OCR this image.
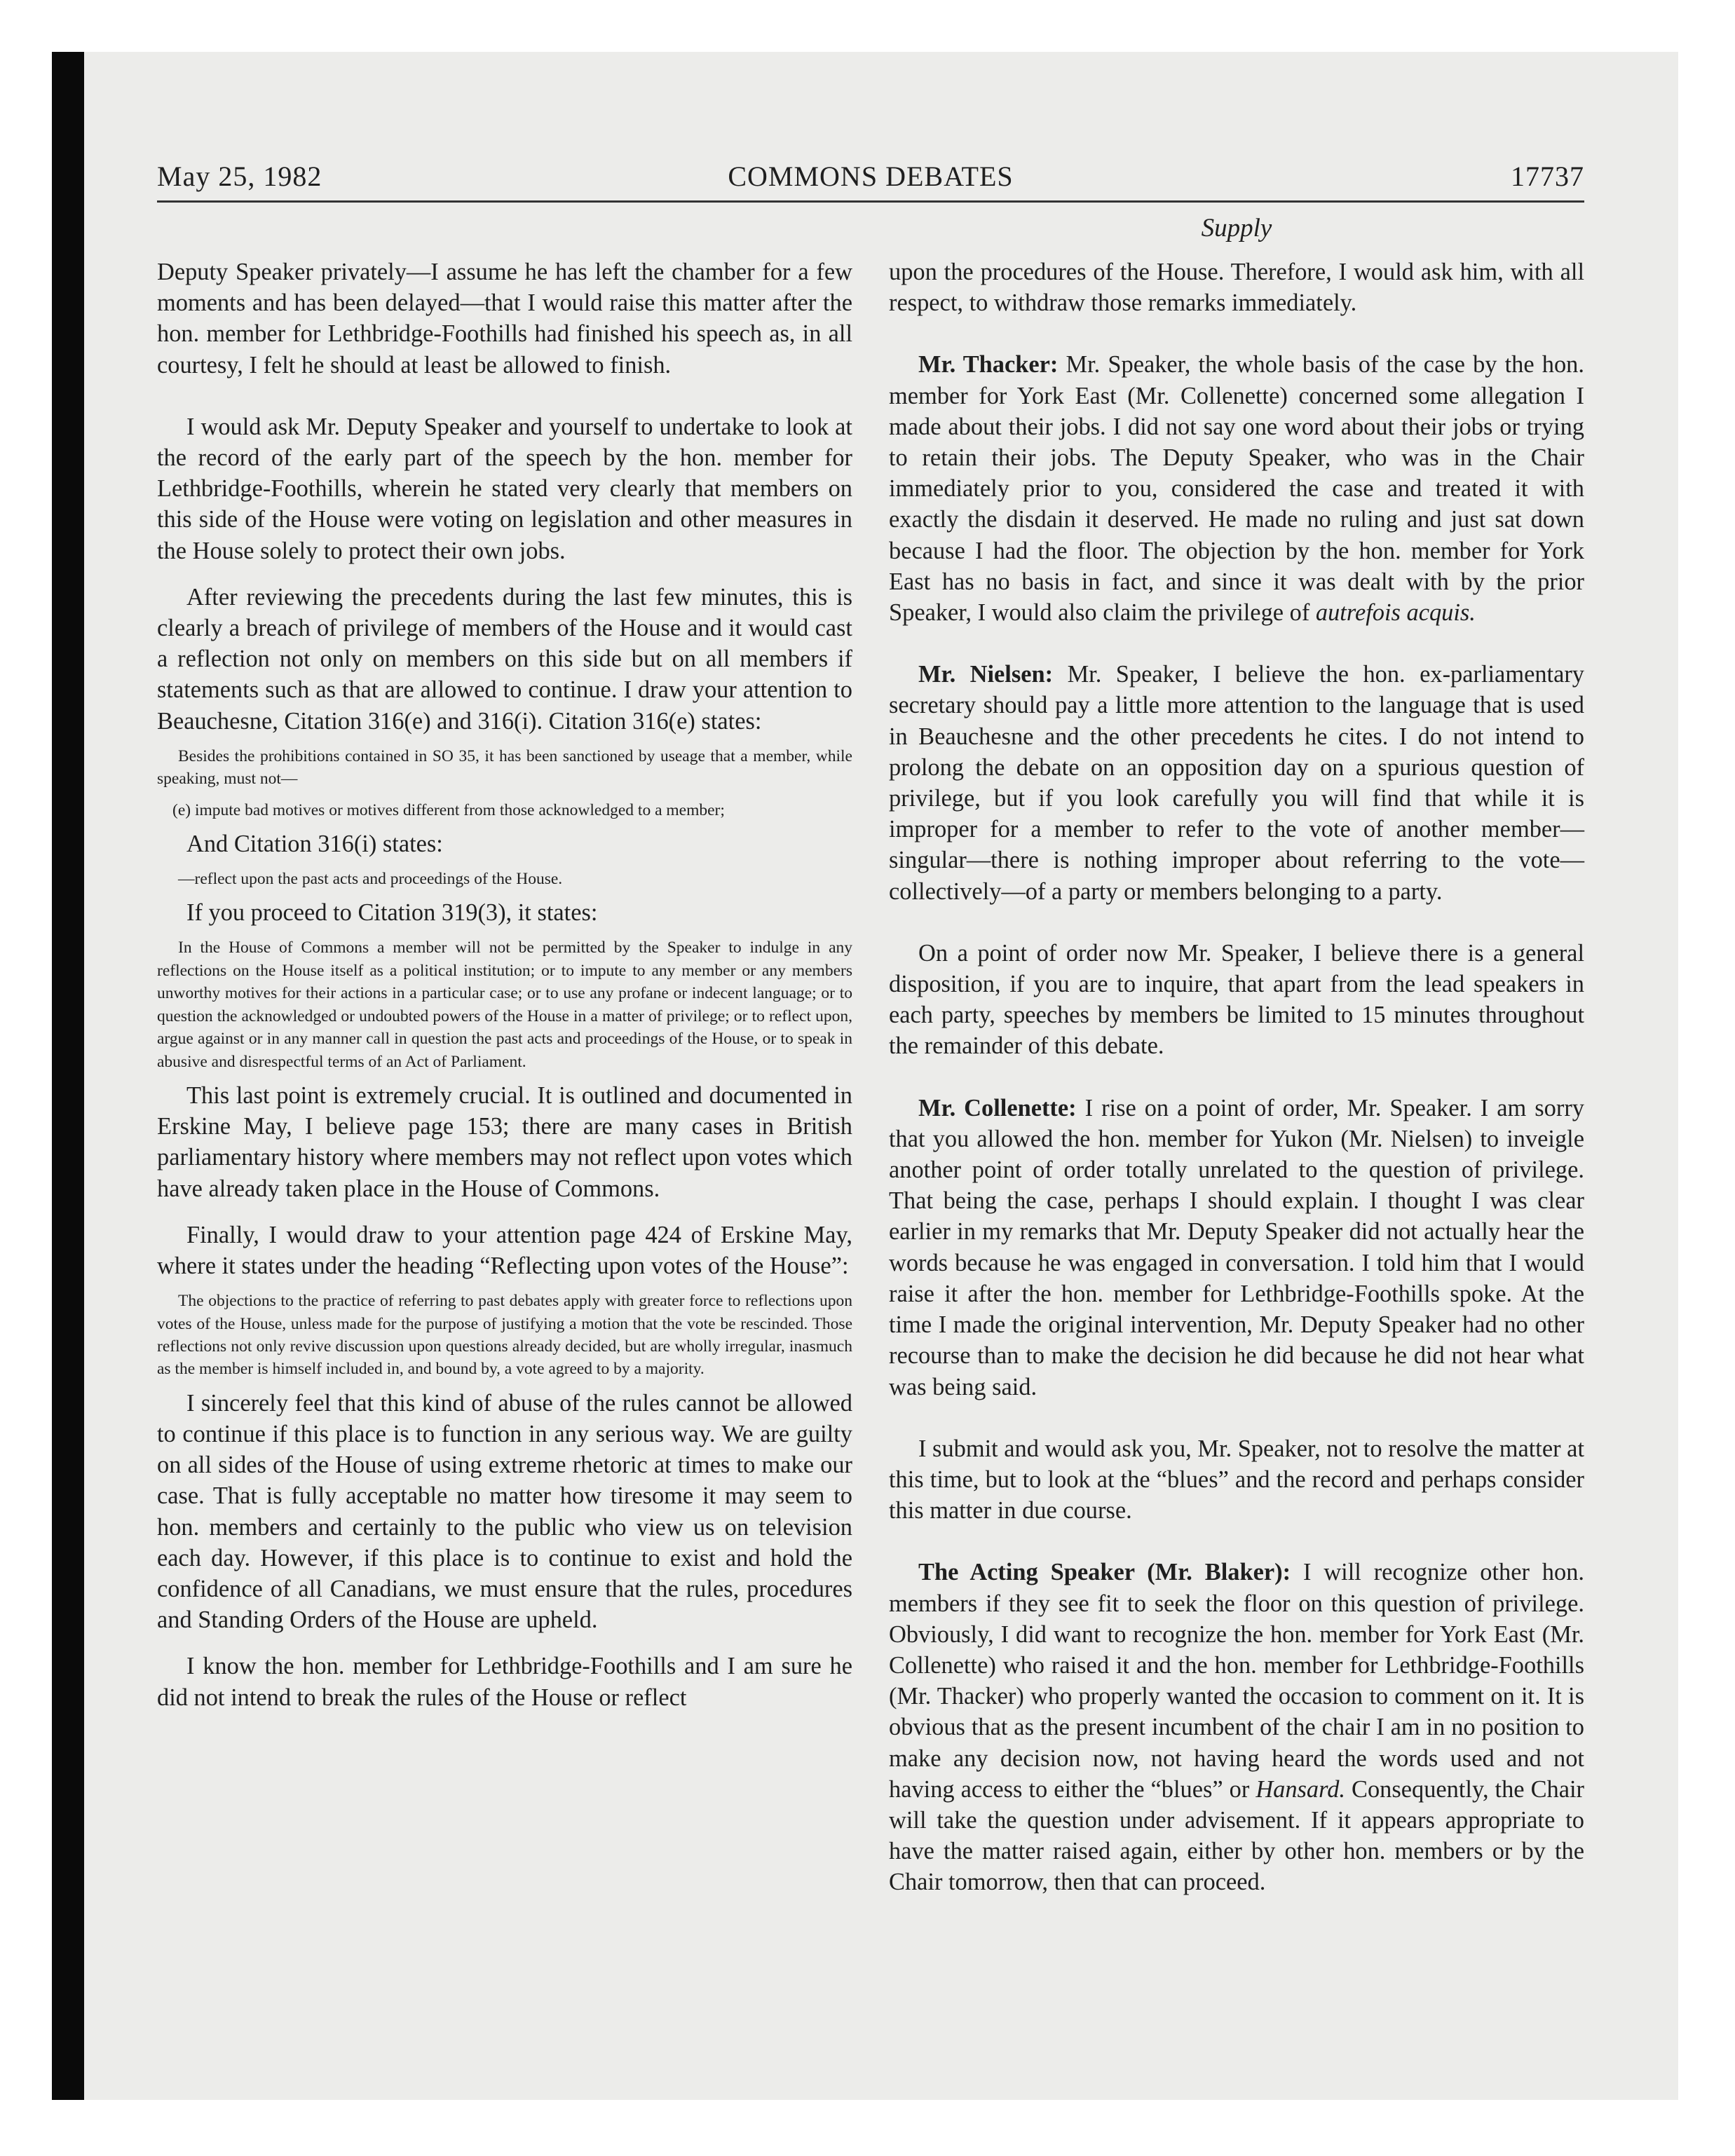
May 25, 1982	COMMONS DEBATES	17737
Supply

Deputy Speaker privately—I assume he has left the chamber for a few moments and has been delayed—that I would raise this matter after the hon. member for Lethbridge-Foothills had finished his speech as, in all courtesy, I felt he should at least be allowed to finish.

I would ask Mr. Deputy Speaker and yourself to undertake to look at the record of the early part of the speech by the hon. member for Lethbridge-Foothills, wherein he stated very clearly that members on this side of the House were voting on legislation and other measures in the House solely to protect their own jobs.

After reviewing the precedents during the last few minutes, this is clearly a breach of privilege of members of the House and it would cast a reflection not only on members on this side but on all members if statements such as that are allowed to continue. I draw your attention to Beauchesne, Citation 316(e) and 316(i). Citation 316(e) states:

Besides the prohibitions contained in SO 35, it has been sanctioned by useage that a member, while speaking, must not—

(e) impute bad motives or motives different from those acknowledged to a member;

And Citation 316(i) states:

—reflect upon the past acts and proceedings of the House.

If you proceed to Citation 319(3), it states:

In the House of Commons a member will not be permitted by the Speaker to indulge in any reflections on the House itself as a political institution; or to impute to any member or any members unworthy motives for their actions in a particular case; or to use any profane or indecent language; or to question the acknowledged or undoubted powers of the House in a matter of privilege; or to reflect upon, argue against or in any manner call in question the past acts and proceedings of the House, or to speak in abusive and disrespectful terms of an Act of Parliament.

This last point is extremely crucial. It is outlined and documented in Erskine May, I believe page 153; there are many cases in British parliamentary history where members may not reflect upon votes which have already taken place in the House of Commons.

Finally, I would draw to your attention page 424 of Erskine May, where it states under the heading “Reflecting upon votes of the House”:

The objections to the practice of referring to past debates apply with greater force to reflections upon votes of the House, unless made for the purpose of justifying a motion that the vote be rescinded. Those reflections not only revive discussion upon questions already decided, but are wholly irregular, inasmuch as the member is himself included in, and bound by, a vote agreed to by a majority.

I sincerely feel that this kind of abuse of the rules cannot be allowed to continue if this place is to function in any serious way. We are guilty on all sides of the House of using extreme rhetoric at times to make our case. That is fully acceptable no matter how tiresome it may seem to hon. members and certainly to the public who view us on television each day. However, if this place is to continue to exist and hold the confidence of all Canadians, we must ensure that the rules, procedures and Standing Orders of the House are upheld.

I know the hon. member for Lethbridge-Foothills and I am sure he did not intend to break the rules of the House or reflect

upon the procedures of the House. Therefore, I would ask him, with all respect, to withdraw those remarks immediately.

Mr. Thacker: Mr. Speaker, the whole basis of the case by the hon. member for York East (Mr. Collenette) concerned some allegation I made about their jobs. I did not say one word about their jobs or trying to retain their jobs. The Deputy Speaker, who was in the Chair immediately prior to you, considered the case and treated it with exactly the disdain it deserved. He made no ruling and just sat down because I had the floor. The objection by the hon. member for York East has no basis in fact, and since it was dealt with by the prior Speaker, I would also claim the privilege of autrefois acquis.

Mr. Nielsen: Mr. Speaker, I believe the hon. ex-parliamentary secretary should pay a little more attention to the language that is used in Beauchesne and the other precedents he cites. I do not intend to prolong the debate on an opposition day on a spurious question of privilege, but if you look carefully you will find that while it is improper for a member to refer to the vote of another member—singular—there is nothing improper about referring to the vote—collectively—of a party or members belonging to a party.

On a point of order now Mr. Speaker, I believe there is a general disposition, if you are to inquire, that apart from the lead speakers in each party, speeches by members be limited to 15 minutes throughout the remainder of this debate.

Mr. Collenette: I rise on a point of order, Mr. Speaker. I am sorry that you allowed the hon. member for Yukon (Mr. Nielsen) to inveigle another point of order totally unrelated to the question of privilege. That being the case, perhaps I should explain. I thought I was clear earlier in my remarks that Mr. Deputy Speaker did not actually hear the words because he was engaged in conversation. I told him that I would raise it after the hon. member for Lethbridge-Foothills spoke. At the time I made the original intervention, Mr. Deputy Speaker had no other recourse than to make the decision he did because he did not hear what was being said.

I submit and would ask you, Mr. Speaker, not to resolve the matter at this time, but to look at the “blues” and the record and perhaps consider this matter in due course.

The Acting Speaker (Mr. Blaker): I will recognize other hon. members if they see fit to seek the floor on this question of privilege. Obviously, I did want to recognize the hon. member for York East (Mr. Collenette) who raised it and the hon. member for Lethbridge-Foothills (Mr. Thacker) who properly wanted the occasion to comment on it. It is obvious that as the present incumbent of the chair I am in no position to make any decision now, not having heard the words used and not having access to either the “blues” or Hansard. Consequently, the Chair will take the question under advisement. If it appears appropriate to have the matter raised again, either by other hon. members or by the Chair tomorrow, then that can proceed.
